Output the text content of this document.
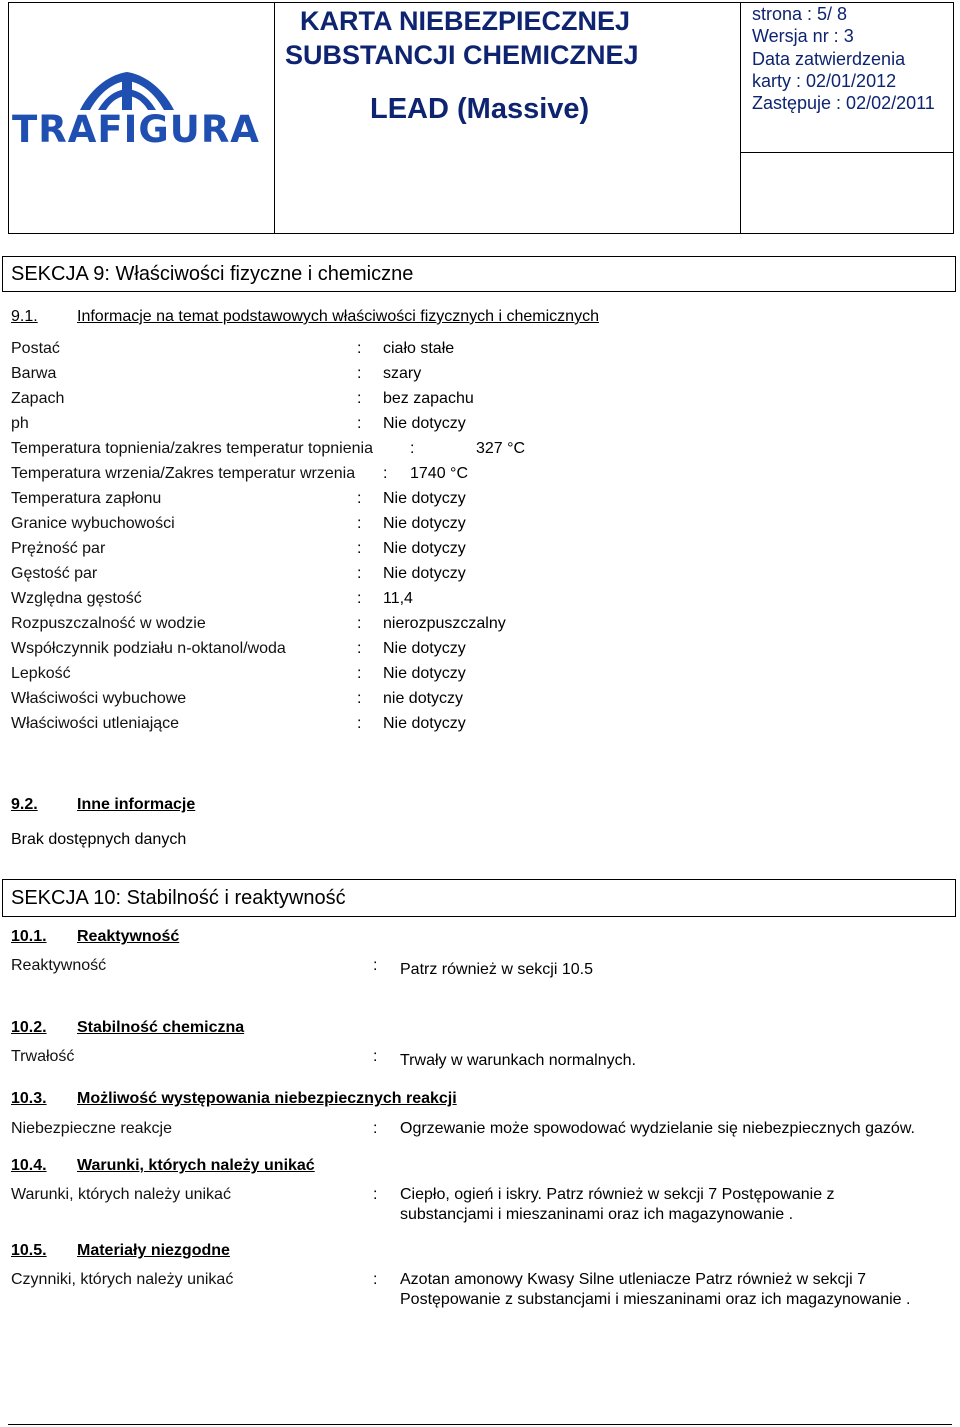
TRAFIGURA
KARTA NIEBEZPIECZNEJ
SUBSTANCJI CHEMICZNEJ
LEAD (Massive)
strona : 5/ 8
Wersja nr : 3
Data zatwierdzenia
karty : 02/01/2012
Zastępuje : 02/02/2011
SEKCJA 9: Właściwości fizyczne i chemiczne
9.1. Informacje na temat podstawowych właściwości fizycznych i chemicznych
Postać	: ciało stałe
Barwa	: szary
Zapach	: bez zapachu
ph	: Nie dotyczy
Temperatura topnienia/zakres temperatur topnienia :	327 °C
Temperatura wrzenia/Zakres temperatur wrzenia : 1740 °C
Temperatura zapłonu	: Nie dotyczy
Granice wybuchowości	: Nie dotyczy
Prężność par	: Nie dotyczy
Gęstość par	: Nie dotyczy
Względna gęstość	: 11,4
Rozpuszczalność w wodzie	: nierozpuszczalny
Współczynnik podziału n-oktanol/woda	: Nie dotyczy
Lepkość	: Nie dotyczy
Właściwości wybuchowe	: nie dotyczy
Właściwości utleniające	: Nie dotyczy
9.2. Inne informacje
Brak dostępnych danych
SEKCJA 10: Stabilność i reaktywność
10.1. Reaktywność
Reaktywność	: Patrz również w sekcji 10.5
10.2. Stabilność chemiczna
Trwałość	: Trwały w warunkach normalnych.
10.3. Możliwość występowania niebezpiecznych reakcji
Niebezpieczne reakcje	: Ogrzewanie może spowodować wydzielanie się niebezpiecznych gazów.
10.4. Warunki, których należy unikać
Warunki, których należy unikać	: Ciepło, ogień i iskry. Patrz również w sekcji 7 Postępowanie z
substancjami i mieszaninami oraz ich magazynowanie .
10.5. Materiały niezgodne
Czynniki, których należy unikać	: Azotan amonowy Kwasy Silne utleniacze Patrz również w sekcji 7
Postępowanie z substancjami i mieszaninami oraz ich magazynowanie .
